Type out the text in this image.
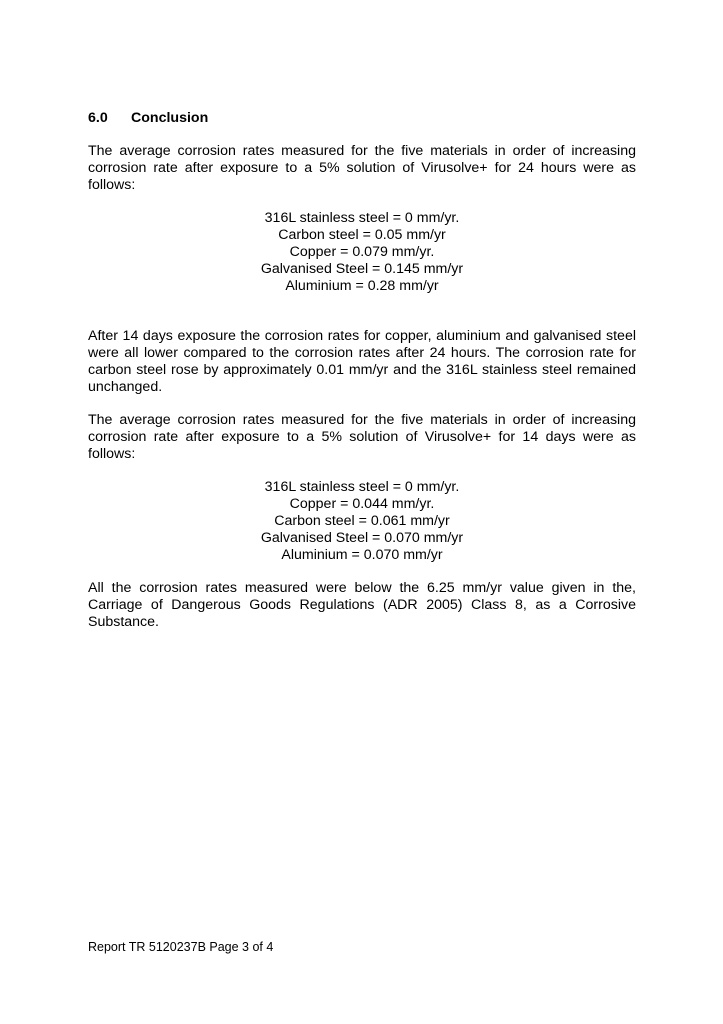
6.0 Conclusion

The average corrosion rates measured for the five materials in order of increasing corrosion rate after exposure to a 5% solution of Virusolve+ for 24 hours were as follows:

316L stainless steel = 0 mm/yr.
Carbon steel = 0.05 mm/yr
Copper = 0.079 mm/yr.
Galvanised Steel = 0.145 mm/yr
Aluminium = 0.28 mm/yr

After 14 days exposure the corrosion rates for copper, aluminium and galvanised steel were all lower compared to the corrosion rates after 24 hours. The corrosion rate for carbon steel rose by approximately 0.01 mm/yr and the 316L stainless steel remained unchanged.

The average corrosion rates measured for the five materials in order of increasing corrosion rate after exposure to a 5% solution of Virusolve+ for 14 days were as follows:

316L stainless steel = 0 mm/yr.
Copper = 0.044 mm/yr.
Carbon steel = 0.061 mm/yr
Galvanised Steel = 0.070 mm/yr
Aluminium = 0.070 mm/yr

All the corrosion rates measured were below the 6.25 mm/yr value given in the, Carriage of Dangerous Goods Regulations (ADR 2005) Class 8, as a Corrosive Substance.

Report TR 5120237B Page 3 of 4
